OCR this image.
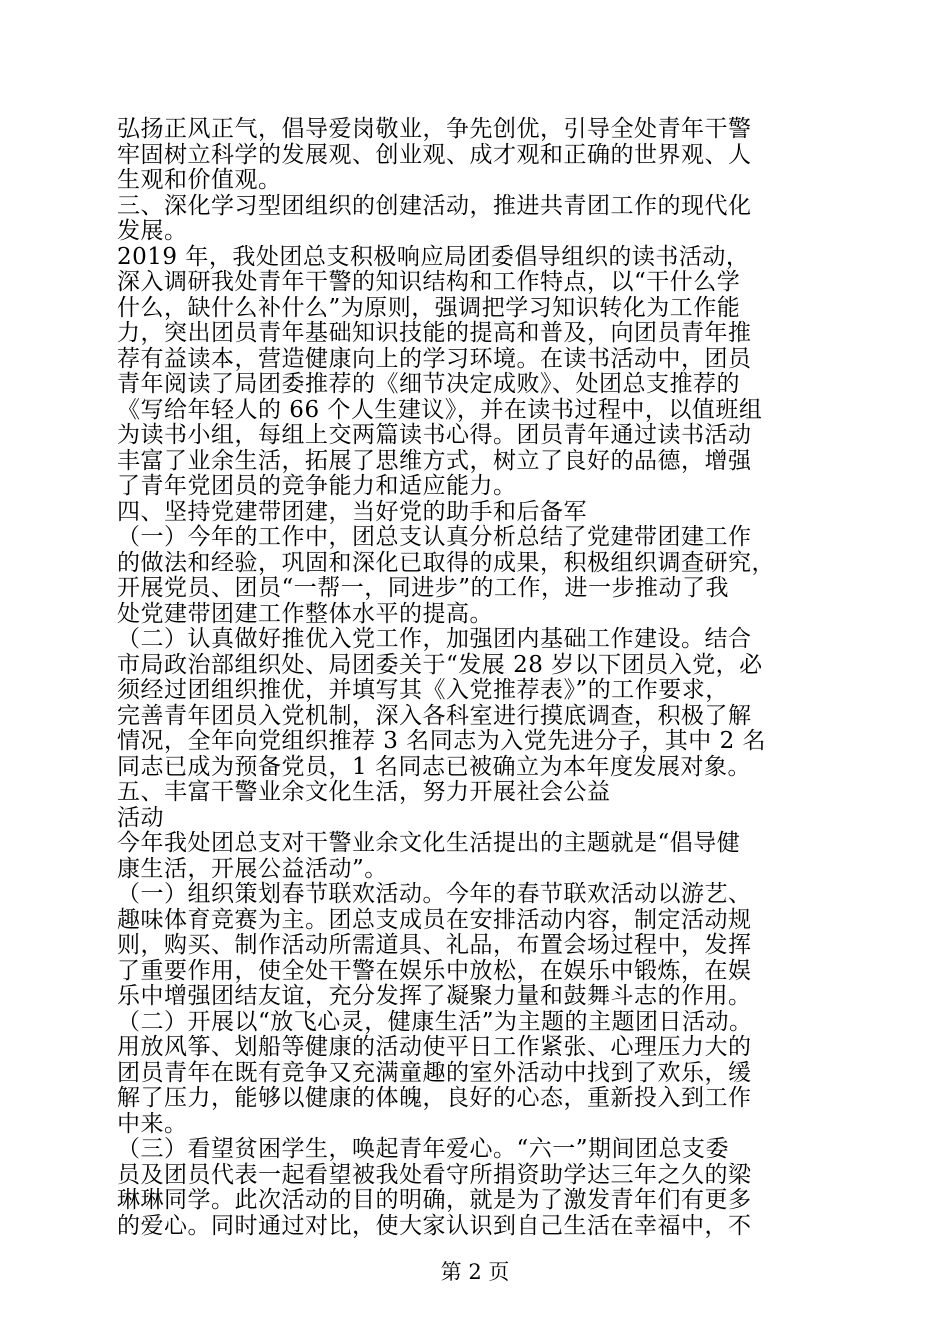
弘扬正风正气，倡导爱岗敬业，争先创优，引导全处青年干警
牢固树立科学的发展观、创业观、成才观和正确的世界观、人
生观和价值观。
三、深化学习型团组织的创建活动，推进共青团工作的现代化
发展。
2019 年，我处团总支积极响应局团委倡导组织的读书活动，
深入调研我处青年干警的知识结构和工作特点，以“干什么学
什么，缺什么补什么”为原则，强调把学习知识转化为工作能
力，突出团员青年基础知识技能的提高和普及，向团员青年推
荐有益读本，营造健康向上的学习环境。在读书活动中，团员
青年阅读了局团委推荐的《细节决定成败》、处团总支推荐的
《写给年轻人的 66 个人生建议》，并在读书过程中，以值班组
为读书小组，每组上交两篇读书心得。团员青年通过读书活动
丰富了业余生活，拓展了思维方式，树立了良好的品德，增强
了青年党团员的竞争能力和适应能力。
四、坚持党建带团建，当好党的助手和后备军
（一）今年的工作中，团总支认真分析总结了党建带团建工作
的做法和经验，巩固和深化已取得的成果，积极组织调查研究，
开展党员、团员“一帮一，同进步”的工作，进一步推动了我
处党建带团建工作整体水平的提高。
（二）认真做好推优入党工作，加强团内基础工作建设。结合
市局政治部组织处、局团委关于“发展 28 岁以下团员入党，必
须经过团组织推优，并填写其《入党推荐表》”的工作要求，
完善青年团员入党机制，深入各科室进行摸底调查，积极了解
情况，全年向党组织推荐 3 名同志为入党先进分子，其中 2 名
同志已成为预备党员，1 名同志已被确立为本年度发展对象。
五、丰富干警业余文化生活，努力开展社会公益
活动
今年我处团总支对干警业余文化生活提出的主题就是“倡导健
康生活，开展公益活动”。
（一）组织策划春节联欢活动。今年的春节联欢活动以游艺、
趣味体育竞赛为主。团总支成员在安排活动内容，制定活动规
则，购买、制作活动所需道具、礼品，布置会场过程中，发挥
了重要作用，使全处干警在娱乐中放松，在娱乐中锻炼，在娱
乐中增强团结友谊，充分发挥了凝聚力量和鼓舞斗志的作用。
（二）开展以“放飞心灵，健康生活”为主题的主题团日活动。
用放风筝、划船等健康的活动使平日工作紧张、心理压力大的
团员青年在既有竞争又充满童趣的室外活动中找到了欢乐，缓
解了压力，能够以健康的体魄，良好的心态，重新投入到工作
中来。
（三）看望贫困学生，唤起青年爱心。“六一”期间团总支委
员及团员代表一起看望被我处看守所捐资助学达三年之久的梁
琳琳同学。此次活动的目的明确，就是为了激发青年们有更多
的爱心。同时通过对比，使大家认识到自己生活在幸福中，不
第 2 页
